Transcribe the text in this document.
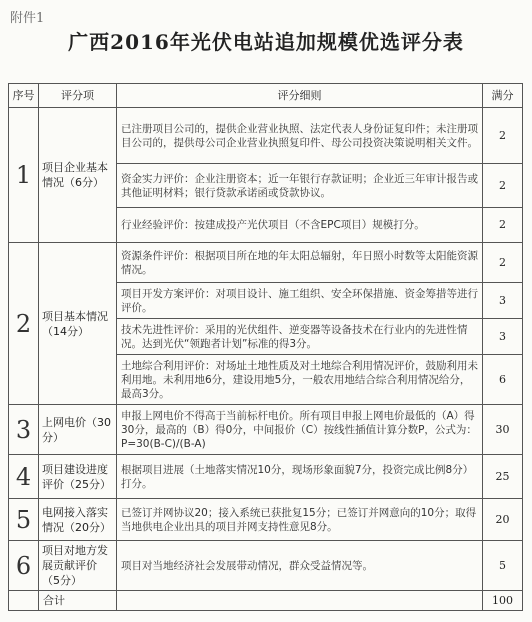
附件1
广西2016年光伏电站追加规模优选评分表
序号	评分项	评分细则	满分
1	项目企业基本情况（6分）	已注册项目公司的，提供企业营业执照、法定代表人身份证复印件；未注册项目公司的，提供母公司企业营业执照复印件、母公司投资决策说明相关文件。	2
		资金实力评价：企业注册资本；近一年银行存款证明；企业近三年审计报告或其他证明材料；银行贷款承诺函或贷款协议。	2
		行业经验评价：按建成投产光伏项目（不含EPC项目）规模打分。	2
2	项目基本情况（14分）	资源条件评价：根据项目所在地的年太阳总辐射，年日照小时数等太阳能资源情况。	2
		项目开发方案评价：对项目设计、施工组织、安全环保措施、资金筹措等进行评价。	3
		技术先进性评价：采用的光伏组件、逆变器等设备技术在行业内的先进性情况。达到光伏“领跑者计划”标准的得3分。	3
		土地综合利用评价：对场址土地性质及对土地综合利用情况评价，鼓励利用未利用地。未利用地6分，建设用地5分，一般农用地结合综合利用情况给分，最高3分。	6
3	上网电价（30分）	申报上网电价不得高于当前标杆电价。所有项目申报上网电价最低的（A）得30分，最高的（B）得0分，中间报价（C）按线性插值计算分数P，公式为：P=30(B-C)/(B-A)	30
4	项目建设进度评价（25分）	根据项目进展（土地落实情况10分，现场形象面貌7分，投资完成比例8分）打分。	25
5	电网接入落实情况（20分）	已签订并网协议20；接入系统已获批复15分；已签订并网意向的10分；取得当地供电企业出具的项目并网支持性意见8分。	20
6	项目对地方发展贡献评价（5分）	项目对当地经济社会发展带动情况，群众受益情况等。	5
	合计		100
